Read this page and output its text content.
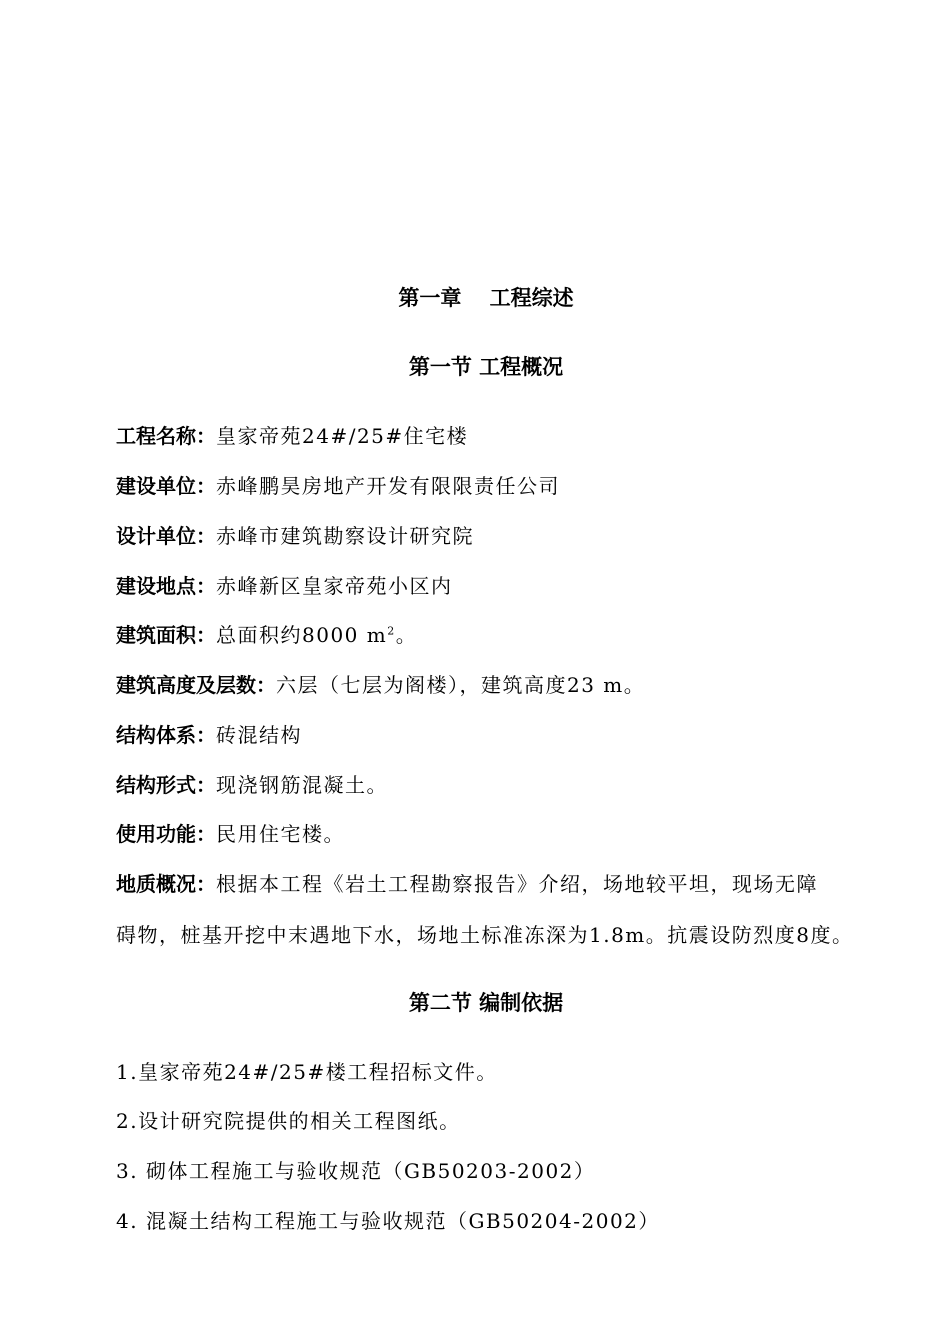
第一章　 工程综述
第一节 工程概况
工程名称：皇家帝苑24#/25#住宅楼
建设单位：赤峰鹏昊房地产开发有限限责任公司
设计单位：赤峰市建筑勘察设计研究院
建设地点：赤峰新区皇家帝苑小区内
建筑面积：总面积约8000 $m^2$。
建筑高度及层数：六层（七层为阁楼），建筑高度23 m。
结构体系：砖混结构
结构形式：现浇钢筋混凝土。
使用功能：民用住宅楼。
地质概况：根据本工程《岩土工程勘察报告》介绍，场地较平坦，现场无障
碍物，桩基开挖中末遇地下水，场地土标准冻深为1.8m。抗震设防烈度8度。
第二节 编制依据
1.皇家帝苑24#/25#楼工程招标文件。
2.设计研究院提供的相关工程图纸。
3. 砌体工程施工与验收规范（GB50203-2002）
4. 混凝土结构工程施工与验收规范（GB50204-2002）
